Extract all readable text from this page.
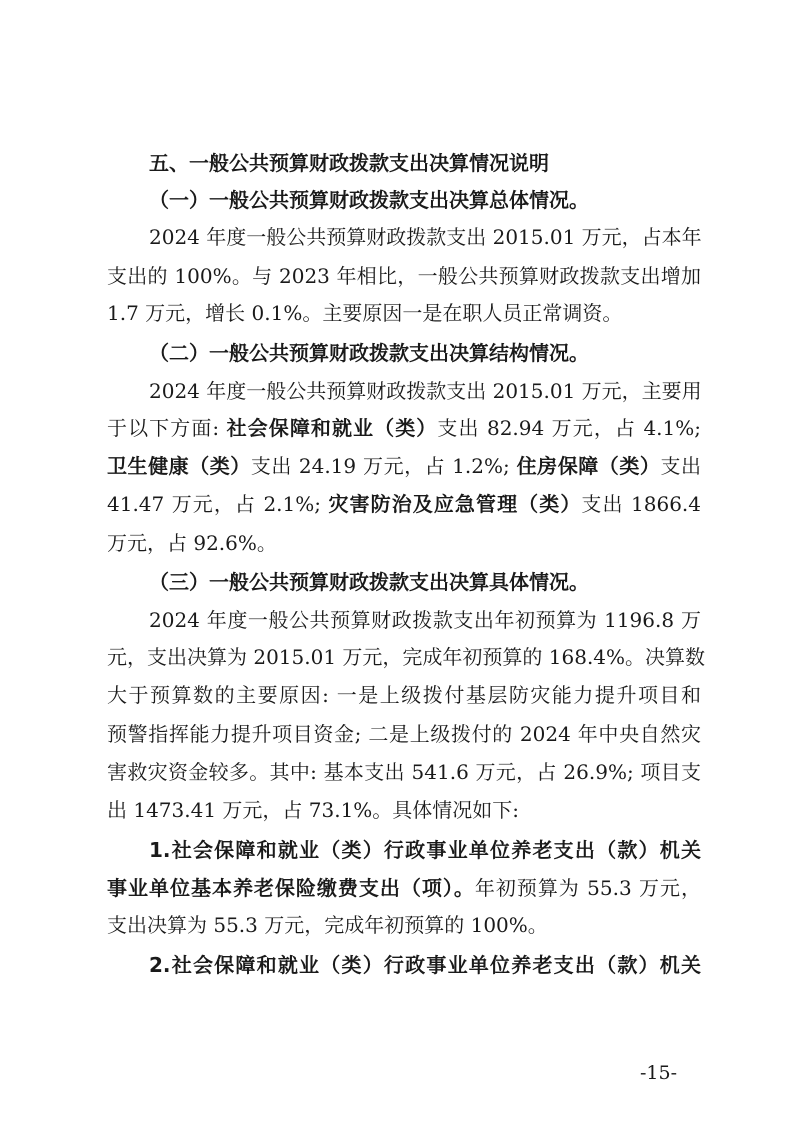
五、一般公共预算财政拨款支出决算情况说明
（一）一般公共预算财政拨款支出决算总体情况。
2024 年度一般公共预算财政拨款支出 2015.01 万元，占本年
支出的 100%。与 2023 年相比，一般公共预算财政拨款支出增加
1.7 万元，增长 0.1%。主要原因一是在职人员正常调资。
（二）一般公共预算财政拨款支出决算结构情况。
2024 年度一般公共预算财政拨款支出 2015.01 万元，主要用
于以下方面: 社会保障和就业（类）支出 82.94 万元，占 4.1%;
卫生健康（类）支出 24.19 万元，占 1.2%; 住房保障（类）支出
41.47 万元，占 2.1%; 灾害防治及应急管理（类）支出 1866.4
万元，占 92.6%。
（三）一般公共预算财政拨款支出决算具体情况。
2024 年度一般公共预算财政拨款支出年初预算为 1196.8 万
元，支出决算为 2015.01 万元，完成年初预算的 168.4%。决算数
大于预算数的主要原因: 一是上级拨付基层防灾能力提升项目和
预警指挥能力提升项目资金; 二是上级拨付的 2024 年中央自然灾
害救灾资金较多。其中: 基本支出 541.6 万元，占 26.9%; 项目支
出 1473.41 万元，占 73.1%。具体情况如下:
1.社会保障和就业（类）行政事业单位养老支出（款）机关
事业单位基本养老保险缴费支出（项）。年初预算为 55.3 万元，
支出决算为 55.3 万元，完成年初预算的 100%。
2.社会保障和就业（类）行政事业单位养老支出（款）机关
-15-
